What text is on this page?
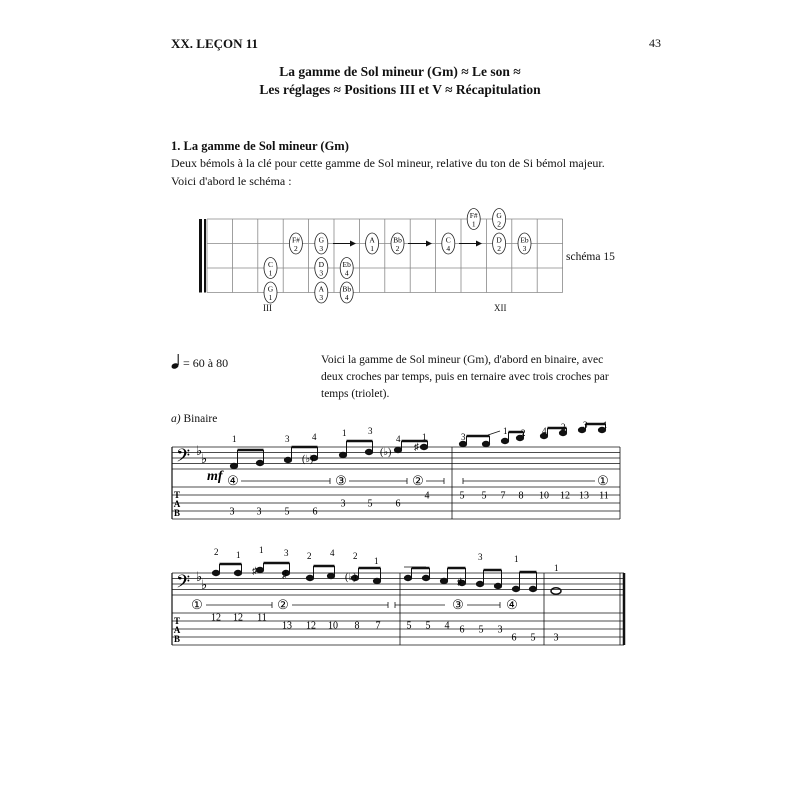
XX. LEÇON 11	43
La gamme de Sol mineur (Gm) ≈ Le son ≈
Les réglages ≈ Positions III et V ≈ Récapitulation
1. La gamme de Sol mineur (Gm)
Deux bémols à la clé pour cette gamme de Sol mineur, relative du ton de Si bémol majeur.
Voici d'abord le schéma :
G
1
C
1
A
3
D
3
G
3
F#
2
Bb
4
Eb
4
A
1
Bb
2
C
4
F#
1
D
2
G
2
Eb
3
schéma 15
III	XII
= 60 à 80	Voici la gamme de Sol mineur (Gm), d'abord en binaire, avec deux croches par temps, puis en ternaire avec trois croches par temps (triolet).
a) Binaire
𝄢 ♭
♭
mf
1	3	4	1 3
4 1	3
1 2 4 2 3 1
(♭)
(♭) ♯
④	③	②	①
3 3 5 6
3 5 6
4	5 5 7 8 10 12 13 11
T
A
B
𝄢 ♭
♭
2 1 1 3 2 4 2 1	3	1
1
♯	♯	(♭)	♯
①	②	③	④
12 12 11
13 12 10 8 7	5 5 4 6 5 3
6 5 3
T
A
B
